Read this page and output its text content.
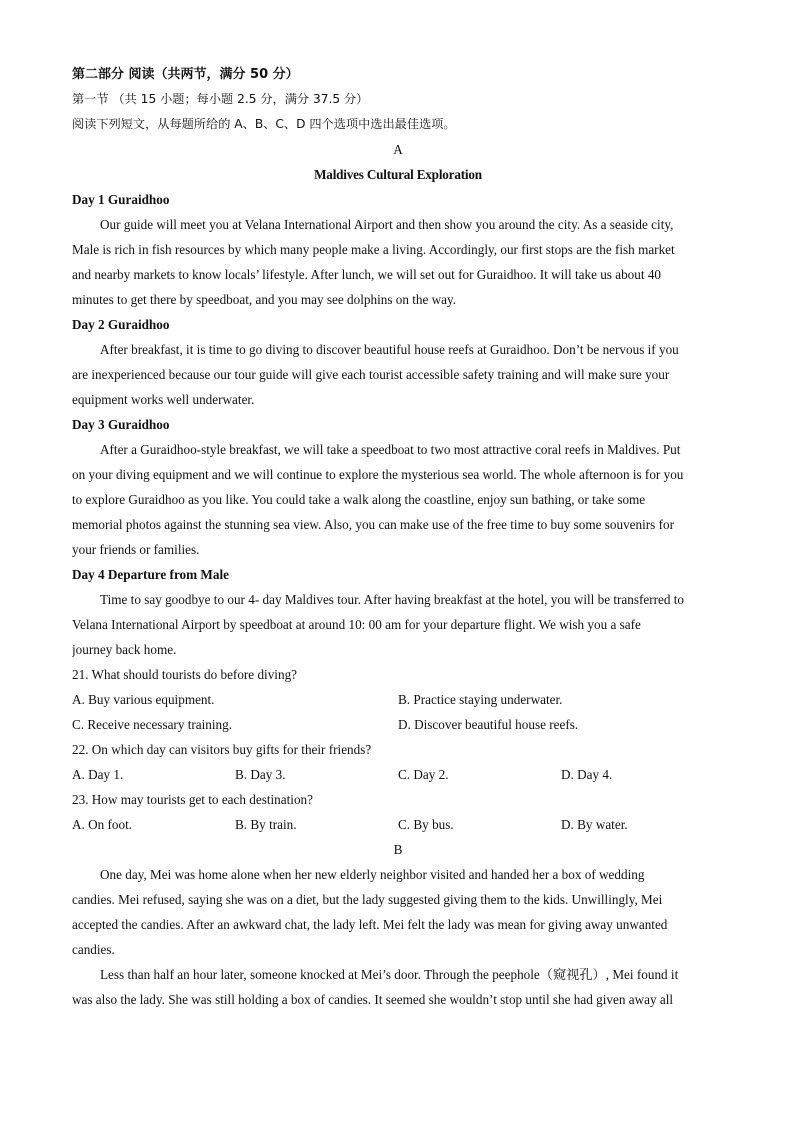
第二部分 阅读（共两节，满分 50 分）
第一节 （共 15 小题；每小题 2.5 分，满分 37.5 分）
阅读下列短文，从每题所给的 A、B、C、D 四个选项中选出最佳选项。
A
Maldives Cultural Exploration
Day 1 Guraidhoo
Our guide will meet you at Velana International Airport and then show you around the city. As a seaside city,
Male is rich in fish resources by which many people make a living. Accordingly, our first stops are the fish market
and nearby markets to know locals’ lifestyle. After lunch, we will set out for Guraidhoo. It will take us about 40
minutes to get there by speedboat, and you may see dolphins on the way.
Day 2 Guraidhoo
After breakfast, it is time to go diving to discover beautiful house reefs at Guraidhoo. Don’t be nervous if you
are inexperienced because our tour guide will give each tourist accessible safety training and will make sure your
equipment works well underwater.
Day 3 Guraidhoo
After a Guraidhoo-style breakfast, we will take a speedboat to two most attractive coral reefs in Maldives. Put
on your diving equipment and we will continue to explore the mysterious sea world. The whole afternoon is for you
to explore Guraidhoo as you like. You could take a walk along the coastline, enjoy sun bathing, or take some
memorial photos against the stunning sea view. Also, you can make use of the free time to buy some souvenirs for
your friends or families.
Day 4 Departure from Male
Time to say goodbye to our 4- day Maldives tour. After having breakfast at the hotel, you will be transferred to
Velana International Airport by speedboat at around 10: 00 am for your departure flight. We wish you a safe
journey back home.
21. What should tourists do before diving?
A. Buy various equipment.	B. Practice staying underwater.
C. Receive necessary training.	D. Discover beautiful house reefs.
22. On which day can visitors buy gifts for their friends?
A. Day 1.	B. Day 3.	C. Day 2.	D. Day 4.
23. How may tourists get to each destination?
A. On foot.	B. By train.	C. By bus.	D. By water.
B
One day, Mei was home alone when her new elderly neighbor visited and handed her a box of wedding
candies. Mei refused, saying she was on a diet, but the lady suggested giving them to the kids. Unwillingly, Mei
accepted the candies. After an awkward chat, the lady left. Mei felt the lady was mean for giving away unwanted
candies.
Less than half an hour later, someone knocked at Mei’s door. Through the peephole（窥视孔）, Mei found it
was also the lady. She was still holding a box of candies. It seemed she wouldn’t stop until she had given away all
